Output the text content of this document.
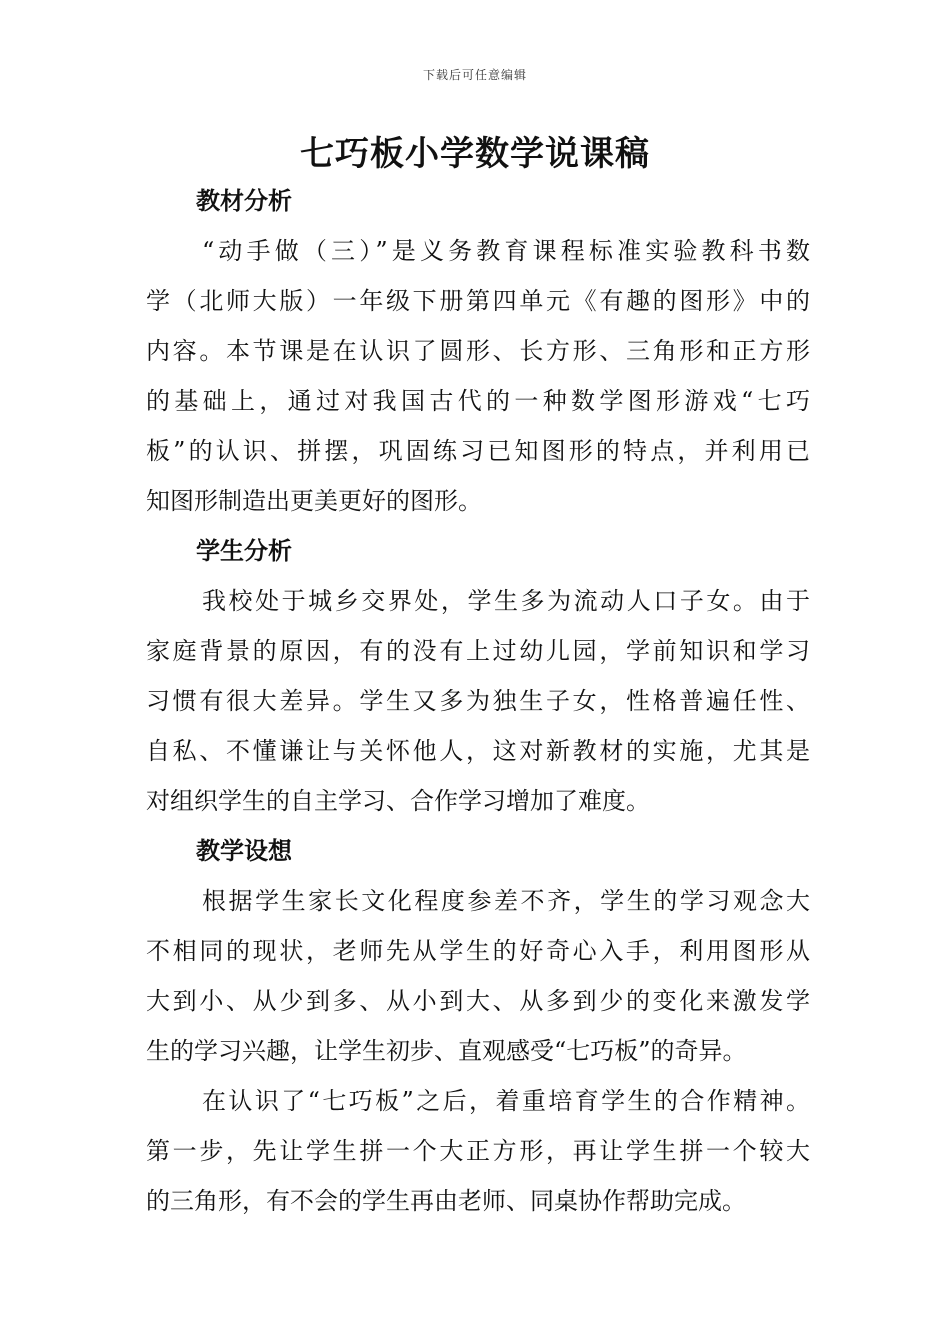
下载后可任意编辑
七巧板小学数学说课稿
教材分析

“动手做（三）”是义务教育课程标准实验教科书数
学（北师大版）一年级下册第四单元《有趣的图形》中的
内容。本节课是在认识了圆形、长方形、三角形和正方形
的基础上，通过对我国古代的一种数学图形游戏“七巧
板”的认识、拼摆，巩固练习已知图形的特点，并利用已
知图形制造出更美更好的图形。

学生分析

我校处于城乡交界处，学生多为流动人口子女。由于
家庭背景的原因，有的没有上过幼儿园，学前知识和学习
习惯有很大差异。学生又多为独生子女，性格普遍任性、
自私、不懂谦让与关怀他人，这对新教材的实施，尤其是
对组织学生的自主学习、合作学习增加了难度。

教学设想

根据学生家长文化程度参差不齐，学生的学习观念大
不相同的现状，老师先从学生的好奇心入手，利用图形从
大到小、从少到多、从小到大、从多到少的变化来激发学
生的学习兴趣，让学生初步、直观感受“七巧板”的奇异。

在认识了“七巧板”之后，着重培育学生的合作精神。
第一步，先让学生拼一个大正方形，再让学生拼一个较大
的三角形，有不会的学生再由老师、同桌协作帮助完成。
